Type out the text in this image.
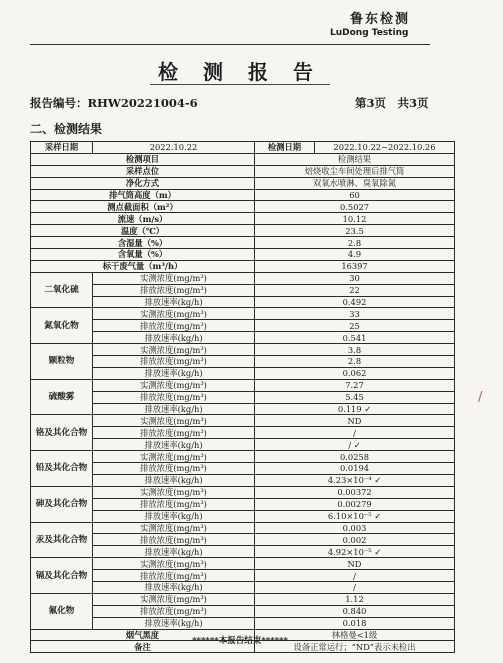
鲁东检测
LuDong Testing
检 测 报 告
报告编号：RHW20221004-6	第3页　共3页
二、检测结果
采样日期	2022.10.22	检测日期	2022.10.22~2022.10.26
检测项目		检测结果	
采样点位		焙烧收尘车间处理后排气筒	
净化方式		双氧水喷淋、臭氧除氮	
排气筒高度（m）		60	
测点截面积（m²）		0.5027	
流速（m/s）		10.12	
温度（℃）		23.5	
含湿量（%）		2.8	
含氧量（%）		4.9	
标干废气量（m³/h）		16397	
二氧化硫	实测浓度(mg/m³)	30	
	排放浓度(mg/m³)	22	
	排放速率(kg/h)	0.492	
氮氧化物	实测浓度(mg/m³)	33	
	排放浓度(mg/m³)	25	
	排放速率(kg/h)	0.541	
颗粒物	实测浓度(mg/m³)	3.8	
	排放浓度(mg/m³)	2.8	
	排放速率(kg/h)	0.062	
硫酸雾	实测浓度(mg/m³)	7.27	
	排放浓度(mg/m³)	5.45	
	排放速率(kg/h)	0.119 ✓	
铬及其化合物	实测浓度(mg/m³)	ND	
	排放浓度(mg/m³)	/	
	排放速率(kg/h)	/ ✓	
铅及其化合物	实测浓度(mg/m³)	0.0258	
	排放浓度(mg/m³)	0.0194	
	排放速率(kg/h)	4.23×10⁻⁴ ✓	
砷及其化合物	实测浓度(mg/m³)	0.00372	
	排放浓度(mg/m³)	0.00279	
	排放速率(kg/h)	6.10×10⁻⁵ ✓	
汞及其化合物	实测浓度(mg/m³)	0.003	
	排放浓度(mg/m³)	0.002	
	排放速率(kg/h)	4.92×10⁻⁵ ✓	
镉及其化合物	实测浓度(mg/m³)	ND	
	排放浓度(mg/m³)	/	
	排放速率(kg/h)	/	
氟化物	实测浓度(mg/m³)	1.12	
	排放浓度(mg/m³)	0.840	
	排放速率(kg/h)	0.018	
烟气黑度		林格曼<1级	
备注		设备正常运行；“ND”表示未检出	
******本报告结束******
/
